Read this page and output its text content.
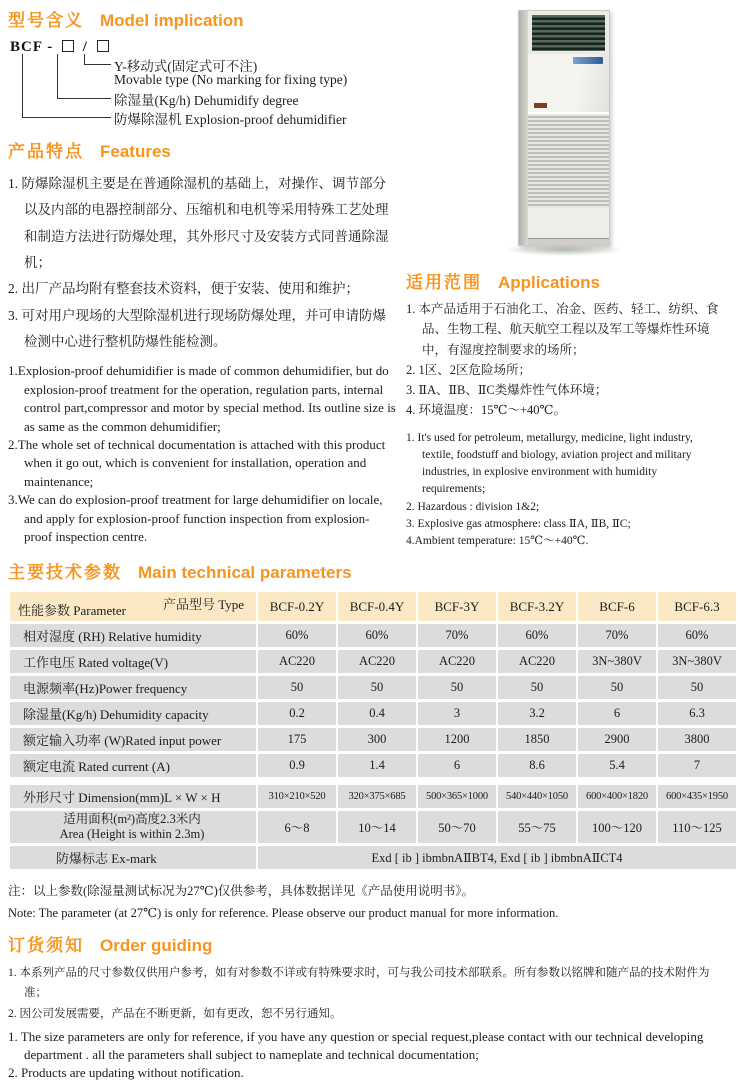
型号含义 Model implication
BCF - /
Y-移动式(固定式可不注)
Movable type (No marking for fixing type)
除湿量(Kg/h) Dehumidify degree
防爆除湿机 Explosion-proof dehumidifier
产品特点 Features
1. 防爆除湿机主要是在普通除湿机的基础上，对操作、调节部分以及内部的电器控制部分、压缩机和电机等采用特殊工艺处理和制造方法进行防爆处理，其外形尺寸及安装方式同普通除湿机；
2. 出厂产品均附有整套技术资料，便于安装、使用和维护；
3. 可对用户现场的大型除湿机进行现场防爆处理，并可申请防爆检测中心进行整机防爆性能检测。
1.Explosion-proof dehumidifier is made of common dehumidifier, but do explosion-proof treatment for the operation, regulation parts, internal control part,compressor and motor by special method. Its outline size is as same as the common dehumidifier;
2.The whole set of technical documentation is attached with this product when it go out, which is convenient for installation, operation and maintenance;
3.We can do explosion-proof treatment for large dehumidifier on locale, and apply for explosion-proof function inspection from explosion-proof inspection centre.
适用范围 Applications
1. 本产品适用于石油化工、冶金、医药、轻工、纺织、食品、生物工程、航天航空工程以及军工等爆炸性环境中，有湿度控制要求的场所；
2. 1区、2区危险场所；
3. ⅡA、ⅡB、ⅡC类爆炸性气体环境；
4. 环境温度：15℃～+40℃。
1. It's used for petroleum, metallurgy, medicine, light industry, textile, foodstuff and biology, aviation project and military industries, in explosive environment with humidity requirements;
2. Hazardous : division 1&2;
3. Explosive gas atmosphere: class ⅡA, ⅡB, ⅡC;
4.Ambient temperature: 15℃～+40℃.
主要技术参数 Main technical parameters
产品型号 Type
性能参数 Parameter	BCF-0.2Y	BCF-0.4Y	BCF-3Y	BCF-3.2Y	BCF-6	BCF-6.3
相对湿度 (RH) Relative humidity	60%	60%	70%	60%	70%	60%
工作电压 Rated voltage(V)	AC220	AC220	AC220	AC220	3N~380V	3N~380V
电源频率(Hz)Power frequency	50	50	50	50	50	50
除湿量(Kg/h) Dehumidity capacity	0.2	0.4	3	3.2	6	6.3
额定输入功率 (W)Rated input power	175	300	1200	1850	2900	3800
额定电流 Rated current (A)	0.9	1.4	6	8.6	5.4	7

外形尺寸 Dimension(mm)L × W × H	310×210×520	320×375×685	500×365×1000	540×440×1050	600×400×1820	600×435×1950

适用面积(m²)高度2.3米内
Area (Height is within 2.3m)	6～8	10～14	50～70	55～75	100～120	110～125
防爆标志 Ex-mark	Exd [ ib ] ibmbnAⅡBT4, Exd [ ib ] ibmbnAⅡCT4					
注：以上参数(除湿量测试标况为27℃)仅供参考，具体数据详见《产品使用说明书》。
Note: The parameter (at 27℃) is only for reference. Please observe our product manual for more information.
订货须知 Order guiding
1. 本系列产品的尺寸参数仅供用户参考，如有对参数不详或有特殊要求时，可与我公司技术部联系。所有参数以铭牌和随产品的技术附件为准；
2. 因公司发展需要，产品在不断更新，如有更改，恕不另行通知。
1. The size parameters are only for reference, if you have any question or special request,please contact with our technical developing department . all the parameters shall subject to nameplate and technical documentation;
2. Products are updating without notification.
